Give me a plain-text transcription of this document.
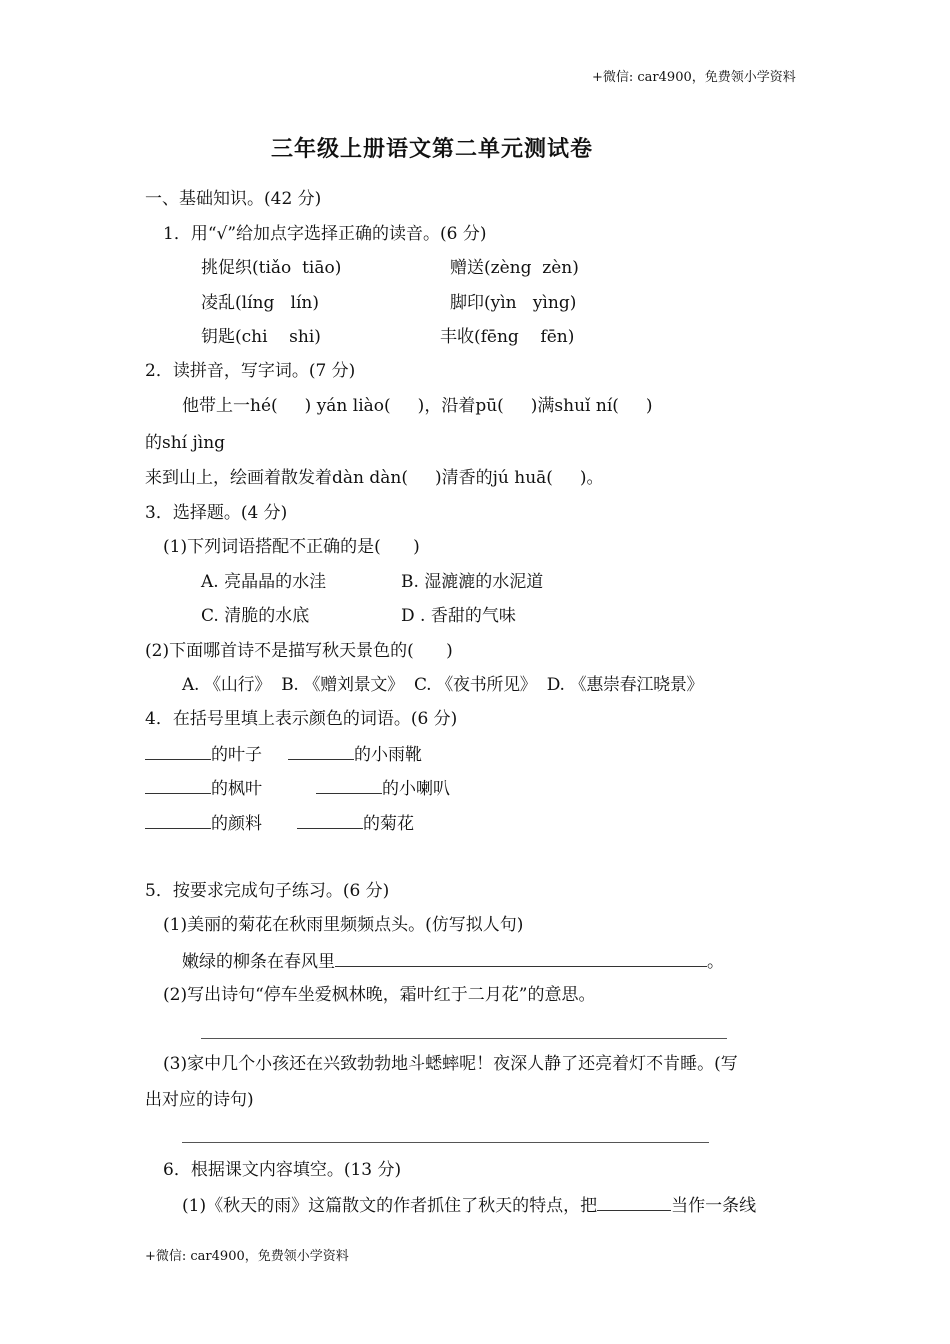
+微信: car4900，免费领小学资料
三年级上册语文第二单元测试卷
一、基础知识。(42 分)
1．用“√”给加点字选择正确的读音。(6 分)
挑促织(tiǎo  tiāo)	赠送(zèng  zèn)
凌乱(líng   lín)	脚印(yìn   yìng)
钥匙(chi    shi)	丰收(fēng    fēn)
2．读拼音，写字词。(7 分)
他带上一hé(     ) yán liào(     )，沿着pū(     )满shuǐ ní(     )
的shí jìng
来到山上，绘画着散发着dàn dàn(     )清香的jú huā(     )。
3．选择题。(4 分)
(1)下列词语搭配不正确的是(      )
A. 亮晶晶的水洼	B. 湿漉漉的水泥道
C. 清脆的水底	D . 香甜的气味
(2)下面哪首诗不是描写秋天景色的(      )
A. 《山行》  B. 《赠刘景文》  C. 《夜书所见》  D. 《惠崇春江晓景》
4．在括号里填上表示颜色的词语。(6 分)
的叶子	的小雨靴
的枫叶	的小喇叭
的颜料	的菊花
5．按要求完成句子练习。(6 分)
(1)美丽的菊花在秋雨里频频点头。(仿写拟人句)
嫩绿的柳条在春风里	。
(2)写出诗句“停车坐爱枫林晚，霜叶红于二月花”的意思。
(3)家中几个小孩还在兴致勃勃地斗蟋蟀呢！夜深人静了还亮着灯不肯睡。(写
出对应的诗句)
6．根据课文内容填空。(13 分)
(1)《秋天的雨》这篇散文的作者抓住了秋天的特点，把	当作一条线
+微信: car4900，免费领小学资料
